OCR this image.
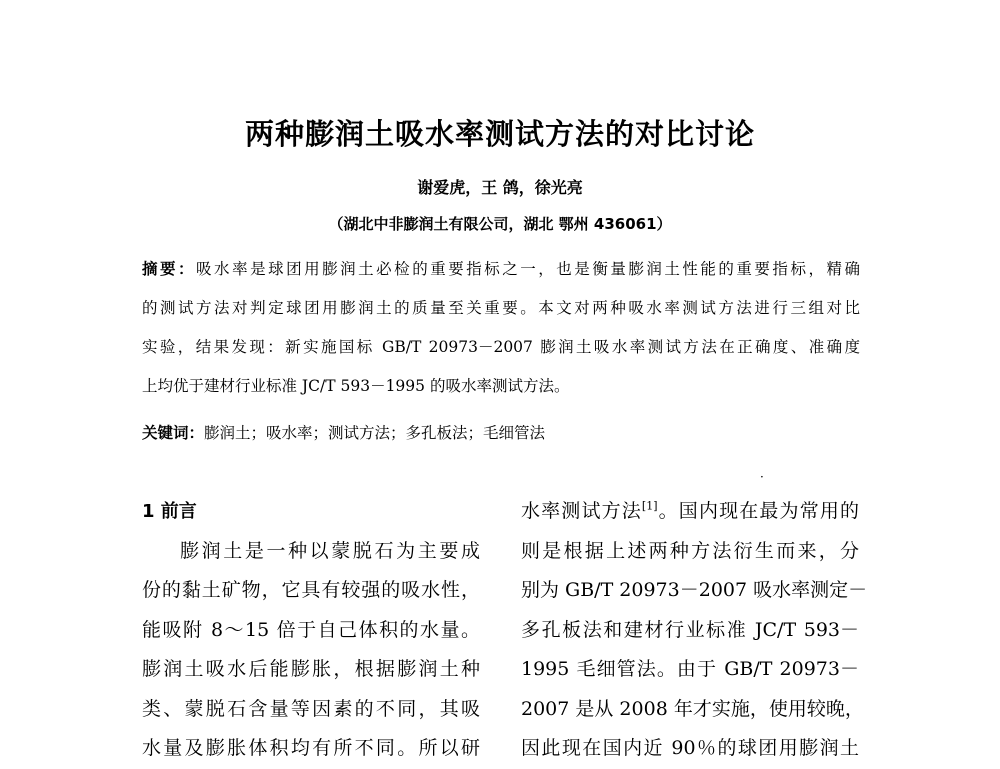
两种膨润土吸水率测试方法的对比讨论
谢爱虎，王 鸽，徐光亮
（湖北中非膨润土有限公司，湖北 鄂州 436061）
摘要：吸水率是球团用膨润土必检的重要指标之一，也是衡量膨润土性能的重要指标，精确
的测试方法对判定球团用膨润土的质量至关重要。本文对两种吸水率测试方法进行三组对比
实验，结果发现：新实施国标 GB/T 20973－2007 膨润土吸水率测试方法在正确度、准确度
上均优于建材行业标准 JC/T 593－1995 的吸水率测试方法。
关键词：膨润土；吸水率；测试方法；多孔板法；毛细管法
·
1 前言
膨润土是一种以蒙脱石为主要成
份的黏土矿物，它具有较强的吸水性，
能吸附 8～15 倍于自己体积的水量。
膨润土吸水后能膨胀，根据膨润土种
类、蒙脱石含量等因素的不同，其吸
水量及膨胀体积均有所不同。所以研
水率测试方法[1]。国内现在最为常用的
则是根据上述两种方法衍生而来，分
别为 GB/T 20973－2007 吸水率测定－
多孔板法和建材行业标准 JC/T 593－
1995 毛细管法。由于 GB/T 20973－
2007 是从 2008 年才实施，使用较晚，
因此现在国内近 90％的球团用膨润土
